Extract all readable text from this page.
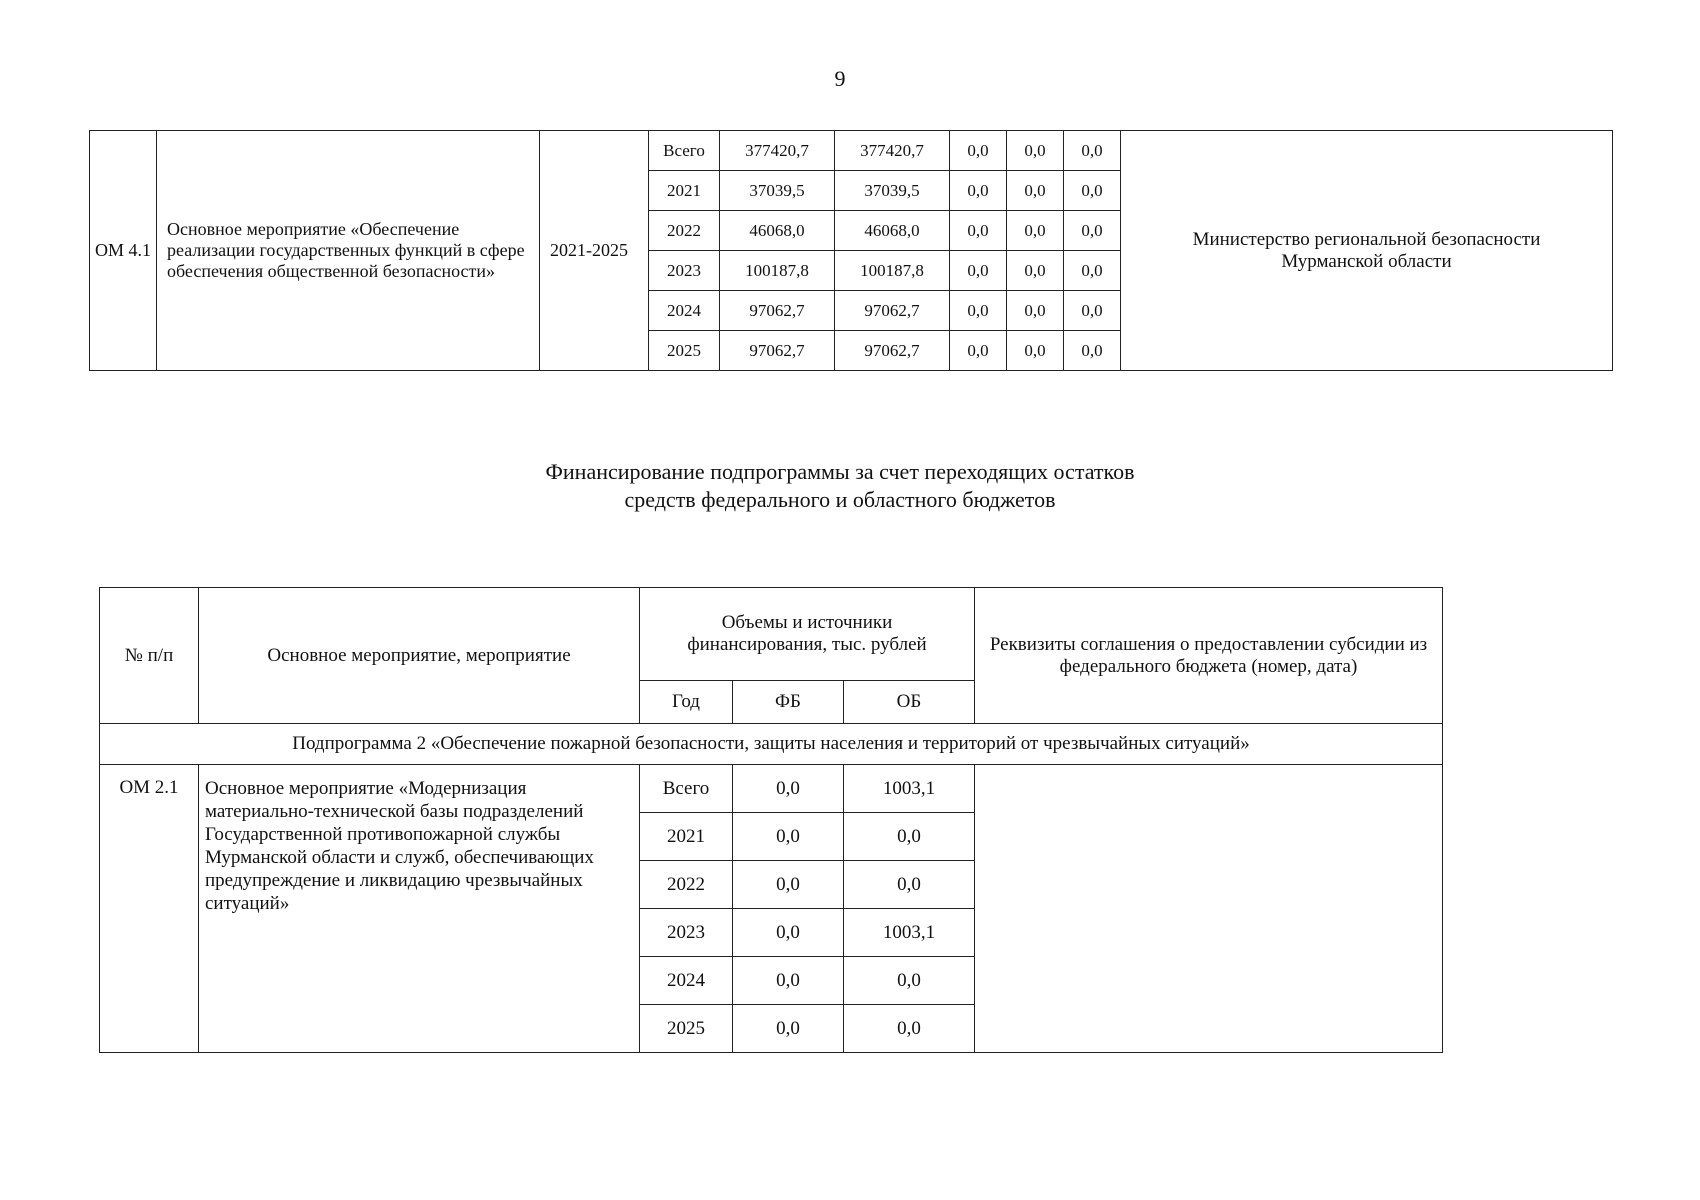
9
ОМ 4.1	Основное мероприятие «Обеспечение реализации государственных функций в сфере обеспечения общественной безопасности»	2021-2025	Всего	377420,7	377420,7	0,0	0,0	0,0	Министерство региональной безопасности Мурманской области
			2021	37039,5	37039,5	0,0	0,0	0,0	
			2022	46068,0	46068,0	0,0	0,0	0,0	
			2023	100187,8	100187,8	0,0	0,0	0,0	
			2024	97062,7	97062,7	0,0	0,0	0,0	
			2025	97062,7	97062,7	0,0	0,0	0,0	
Финансирование подпрограммы за счет переходящих остатков
средств федерального и областного бюджетов
№ п/п	Основное мероприятие, мероприятие	Объемы и источники финансирования, тыс. рублей			Реквизиты соглашения о предоставлении субсидии из федерального бюджета (номер, дата)
		Год	ФБ	ОБ	
Подпрограмма 2 «Обеспечение пожарной безопасности, защиты населения и территорий от чрезвычайных ситуаций»					
ОМ 2.1	Основное мероприятие «Модернизация материально-технической базы подразделений Государственной противопожарной службы Мурманской области и служб, обеспечивающих предупреждение и ликвидацию чрезвычайных ситуаций»	Всего	0,0	1003,1	
		2021	0,0	0,0	
		2022	0,0	0,0	
		2023	0,0	1003,1	
		2024	0,0	0,0	
		2025	0,0	0,0	
